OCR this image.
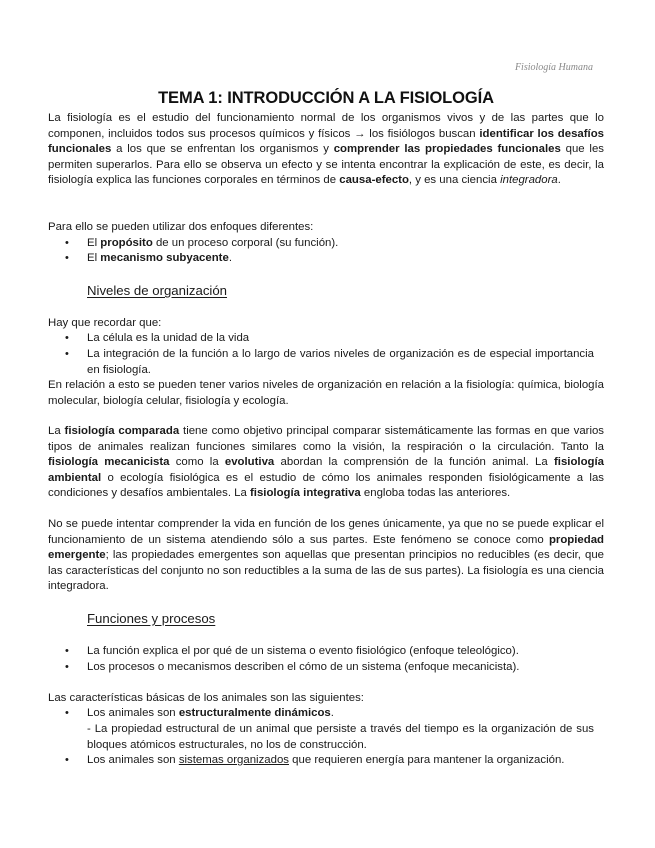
Fisiología Humana
TEMA 1: INTRODUCCIÓN A LA FISIOLOGÍA

La fisiología es el estudio del funcionamiento normal de los organismos vivos y de las partes que lo componen, incluidos todos sus procesos químicos y físicos → los fisiólogos buscan identificar los desafíos funcionales a los que se enfrentan los organismos y comprender las propiedades funcionales que les permiten superarlos. Para ello se observa un efecto y se intenta encontrar la explicación de este, es decir, la fisiología explica las funciones corporales en términos de causa-efecto, y es una ciencia integradora.

Para ello se pueden utilizar dos enfoques diferentes:

• El propósito de un proceso corporal (su función).
• El mecanismo subyacente.
Niveles de organización

Hay que recordar que:

• La célula es la unidad de la vida
• La integración de la función a lo largo de varios niveles de organización es de especial importancia en fisiología.

En relación a esto se pueden tener varios niveles de organización en relación a la fisiología: química, biología molecular, biología celular, fisiología y ecología.

La fisiología comparada tiene como objetivo principal comparar sistemáticamente las formas en que varios tipos de animales realizan funciones similares como la visión, la respiración o la circulación. Tanto la fisiología mecanicista como la evolutiva abordan la comprensión de la función animal. La fisiología ambiental o ecología fisiológica es el estudio de cómo los animales responden fisiológicamente a las condiciones y desafíos ambientales. La fisiología integrativa engloba todas las anteriores.

No se puede intentar comprender la vida en función de los genes únicamente, ya que no se puede explicar el funcionamiento de un sistema atendiendo sólo a sus partes. Este fenómeno se conoce como propiedad emergente; las propiedades emergentes son aquellas que presentan principios no reducibles (es decir, que las características del conjunto no son reductibles a la suma de las de sus partes). La fisiología es una ciencia integradora.

Funciones y procesos
• La función explica el por qué de un sistema o evento fisiológico (enfoque teleológico).
• Los procesos o mecanismos describen el cómo de un sistema (enfoque mecanicista).

Las características básicas de los animales son las siguientes:

• Los animales son estructuralmente dinámicos.
- La propiedad estructural de un animal que persiste a través del tiempo es la organización de sus bloques atómicos estructurales, no los de construcción.
• Los animales son sistemas organizados que requieren energía para mantener la organización.
